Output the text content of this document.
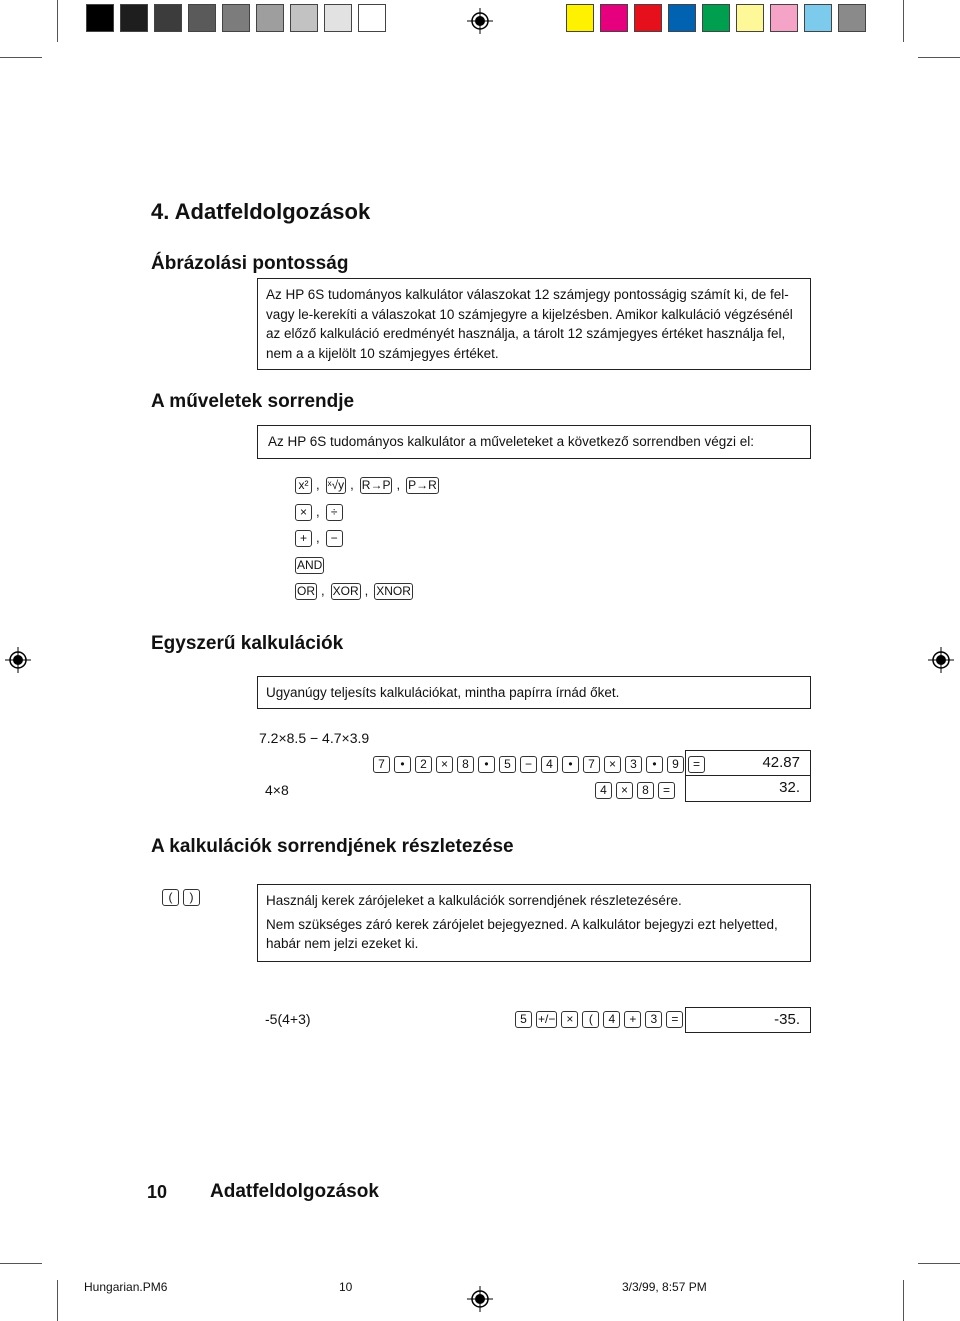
4. Adatfeldolgozások
Ábrázolási pontosság
Az HP 6S tudományos kalkulátor válaszokat 12 számjegy pontosságig számít ki, de fel-
vagy le-kerekíti a válaszokat 10 számjegyre a kijelzésben. Amikor kalkuláció végzésénél
az előző kalkuláció eredményét használja, a tárolt 12 számjegyes értéket használja fel,
nem a a kijelölt 10 számjegyes értéket.
A műveletek sorrendje
Az HP 6S tudományos kalkulátor a műveleteket a következő sorrendben végzi el:
x² , ˣ√y , R→P , P→R
× , ÷
+ , −
AND
OR , XOR , XNOR
Egyszerű kalkulációk
Ugyanúgy teljesíts kalkulációkat, mintha papírra írnád őket.
7.2×8.5 − 4.7×3.9
7 • 2 × 8 • 5 − 4 • 7 × 3 • 9 =	42.87
4×8	4 × 8 =	32.
A kalkulációk sorrendjének részletezése
( )	Használj kerek zárójeleket a kalkulációk sorrendjének részletezésére.
Nem szükséges záró kerek zárójelet bejegyezned. A kalkulátor bejegyzi ezt helyetted,
habár nem jelzi ezeket ki.
-5(4+3)	5 +/− × ( 4 + 3 =	-35.
10 Adatfeldolgozások
Hungarian.PM6	10	3/3/99, 8:57 PM
